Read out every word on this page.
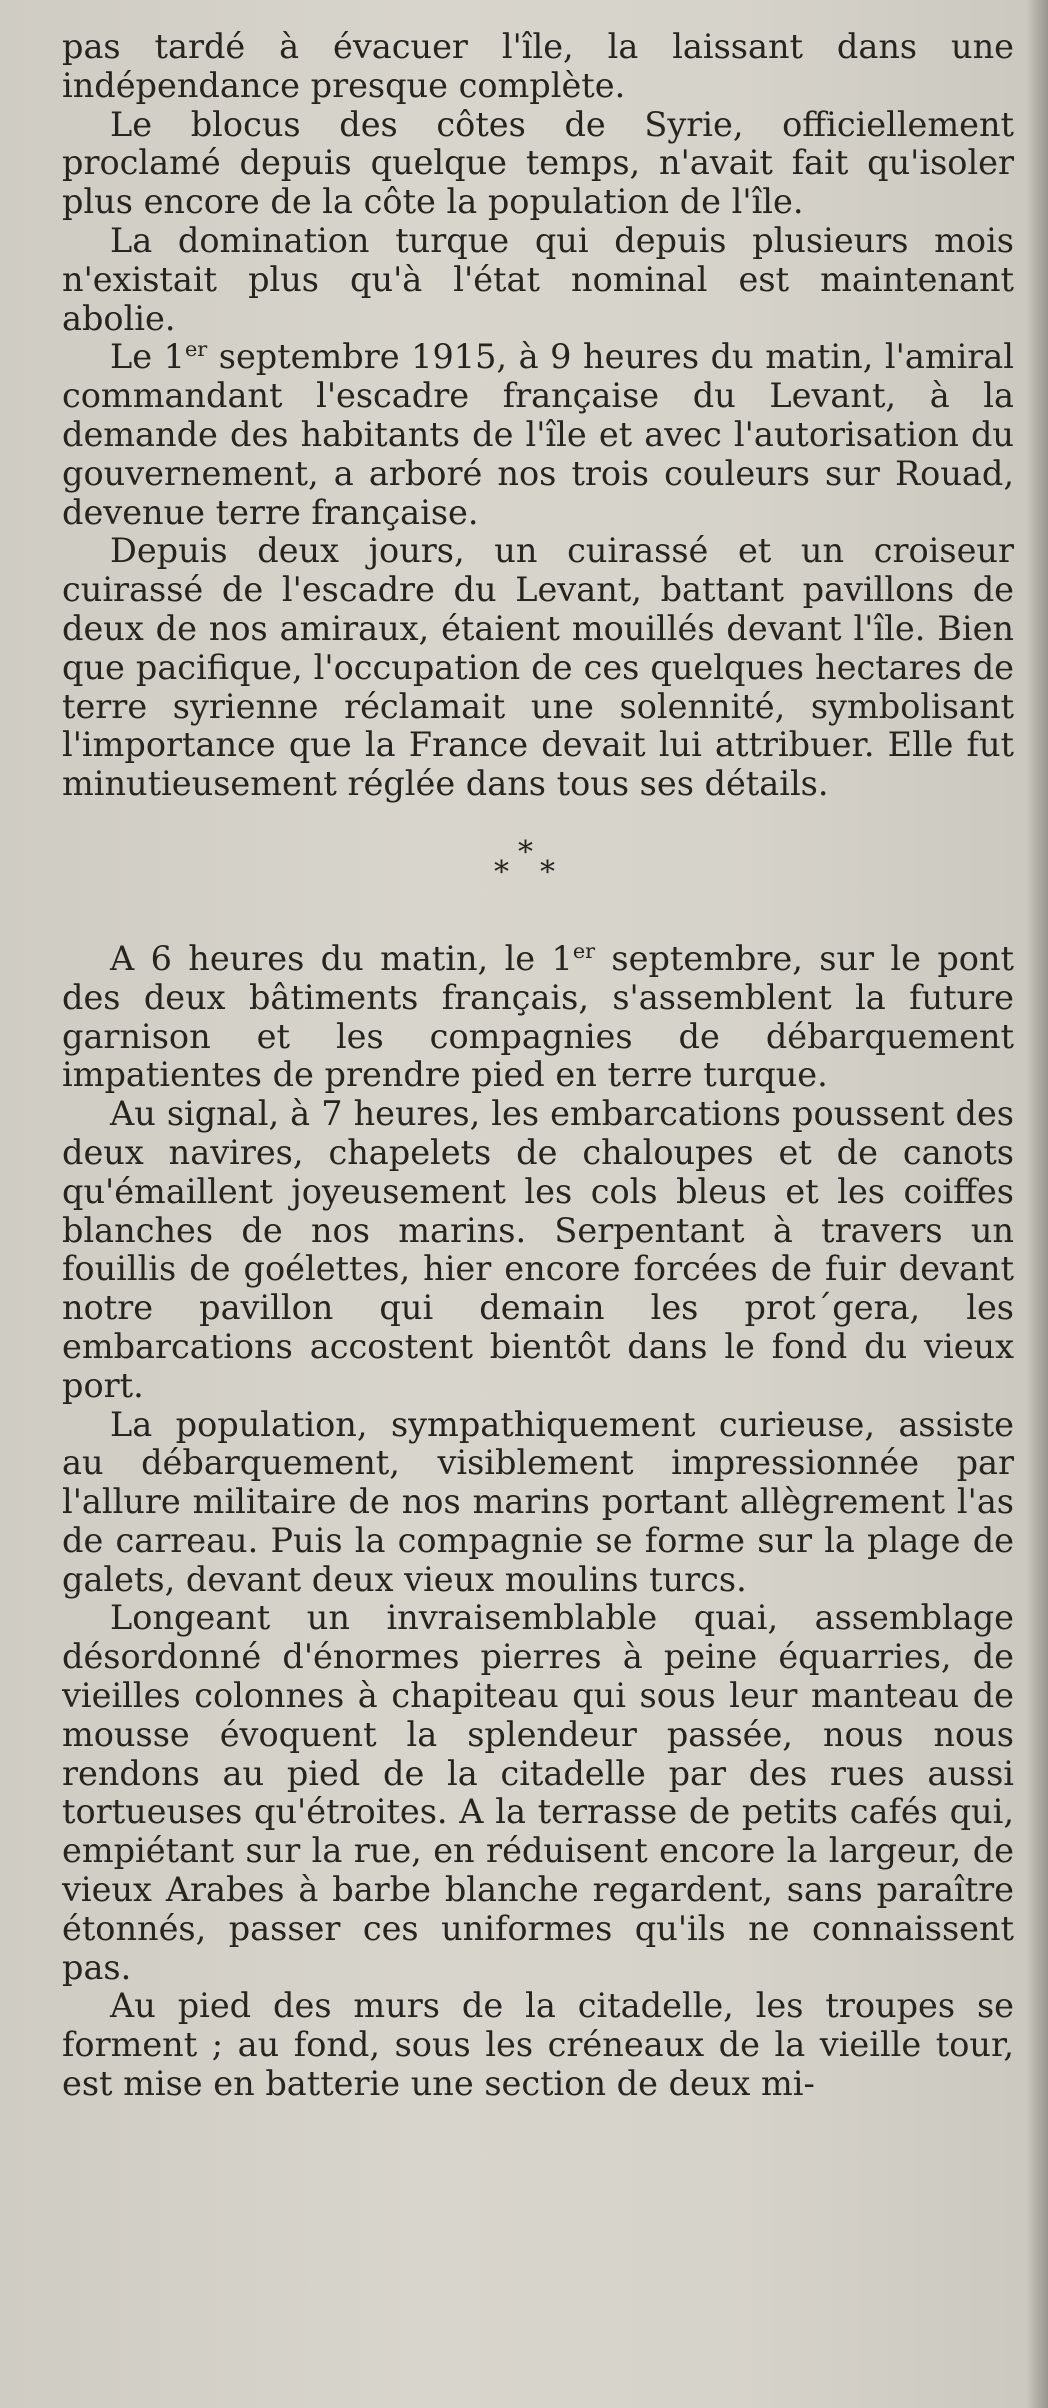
pas tardé à évacuer l'île, la laissant dans une indépendance presque complète.

Le blocus des côtes de Syrie, officiellement proclamé depuis quelque temps, n'avait fait qu'isoler plus encore de la côte la population de l'île.

La domination turque qui depuis plusieurs mois n'existait plus qu'à l'état nominal est maintenant abolie.

Le 1er septembre 1915, à 9 heures du matin, l'amiral commandant l'escadre française du Levant, à la demande des habitants de l'île et avec l'autorisation du gouvernement, a arboré nos trois couleurs sur Rouad, devenue terre française.

Depuis deux jours, un cuirassé et un croiseur cuirassé de l'escadre du Levant, battant pavillons de deux de nos amiraux, étaient mouillés devant l'île. Bien que pacifique, l'occupation de ces quelques hectares de terre syrienne réclamait une solennité, symbolisant l'importance que la France devait lui attribuer. Elle fut minutieusement réglée dans tous ses détails.

*
* *

A 6 heures du matin, le 1er septembre, sur le pont des deux bâtiments français, s'assemblent la future garnison et les compagnies de débarquement impatientes de prendre pied en terre turque.

Au signal, à 7 heures, les embarcations poussent des deux navires, chapelets de chaloupes et de canots qu'émaillent joyeusement les cols bleus et les coiffes blanches de nos marins. Serpentant à travers un fouillis de goélettes, hier encore forcées de fuir devant notre pavillon qui demain les prot´gera, les embarcations accostent bientôt dans le fond du vieux port.

La population, sympathiquement curieuse, assiste au débarquement, visiblement impressionnée par l'allure militaire de nos marins portant allègrement l'as de carreau. Puis la compagnie se forme sur la plage de galets, devant deux vieux moulins turcs.

Longeant un invraisemblable quai, assemblage désordonné d'énormes pierres à peine équarries, de vieilles colonnes à chapiteau qui sous leur manteau de mousse évoquent la splendeur passée, nous nous rendons au pied de la citadelle par des rues aussi tortueuses qu'étroites. A la terrasse de petits cafés qui, empiétant sur la rue, en réduisent encore la largeur, de vieux Arabes à barbe blanche regardent, sans paraître étonnés, passer ces uniformes qu'ils ne connaissent pas.

Au pied des murs de la citadelle, les troupes se forment ; au fond, sous les créneaux de la vieille tour, est mise en batterie une section de deux mi-
